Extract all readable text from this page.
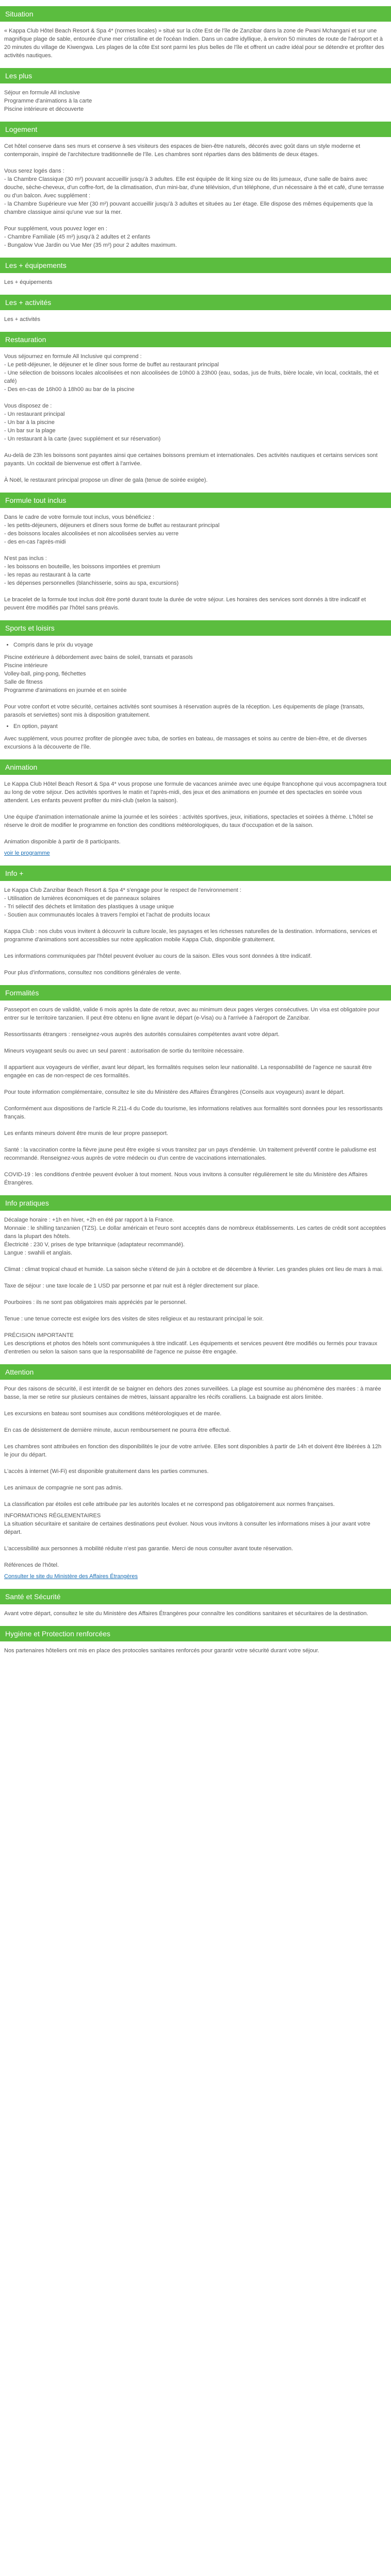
Situation

« Kappa Club Hôtel Beach Resort & Spa 4* (normes locales) » situé sur la côte Est de l'île de Zanzibar dans la zone de Pwani Mchangani et sur une magnifique plage de sable, entourée d'une mer cristalline et de l'océan Indien. Dans un cadre idyllique, à environ 50 minutes de route de l'aéroport et à 20 minutes du village de Kiwengwa. Les plages de la côte Est sont parmi les plus belles de l'île et offrent un cadre idéal pour se détendre et profiter des activités nautiques.

Les plus

Séjour en formule All inclusive
Programme d'animations à la carte
Piscine intérieure et découverte

Logement

Cet hôtel conserve dans ses murs et conserve à ses visiteurs des espaces de bien-être naturels, décorés avec goût dans un style moderne et contemporain, inspiré de l'architecture traditionnelle de l'île. Les chambres sont réparties dans des bâtiments de deux étages.

Vous serez logés dans :
- la Chambre Classique (30 m²) pouvant accueillir jusqu'à 3 adultes. Elle est équipée de lit king size ou de lits jumeaux, d'une salle de bains avec douche, sèche-cheveux, d'un coffre-fort, de la climatisation, d'un mini-bar, d'une télévision, d'un téléphone, d'un nécessaire à thé et café, d'une terrasse ou d'un balcon. Avec supplément :
- la Chambre Supérieure vue Mer (30 m²) pouvant accueillir jusqu'à 3 adultes et situées au 1er étage. Elle dispose des mêmes équipements que la chambre classique ainsi qu'une vue sur la mer.

Pour supplément, vous pouvez loger en :
- Chambre Familiale (45 m²) jusqu'à 2 adultes et 2 enfants
- Bungalow Vue Jardin ou Vue Mer (35 m²) pour 2 adultes maximum.

Les + équipements

Les + équipements

Les + activités

Les + activités

Restauration

Vous séjournez en formule All Inclusive qui comprend :
- Le petit-déjeuner, le déjeuner et le dîner sous forme de buffet au restaurant principal
- Une sélection de boissons locales alcoolisées et non alcoolisées de 10h00 à 23h00 (eau, sodas, jus de fruits, bière locale, vin local, cocktails, thé et café)
- Des en-cas de 16h00 à 18h00 au bar de la piscine

Vous disposez de :
- Un restaurant principal
- Un bar à la piscine
- Un bar sur la plage
- Un restaurant à la carte (avec supplément et sur réservation)

Au-delà de 23h les boissons sont payantes ainsi que certaines boissons premium et internationales. Des activités nautiques et certains services sont payants. Un cocktail de bienvenue est offert à l'arrivée.

À Noël, le restaurant principal propose un dîner de gala (tenue de soirée exigée).

Formule tout inclus

Dans le cadre de votre formule tout inclus, vous bénéficiez :
- les petits-déjeuners, déjeuners et dîners sous forme de buffet au restaurant principal
- des boissons locales alcoolisées et non alcoolisées servies au verre
- des en-cas l'après-midi

N'est pas inclus :
- les boissons en bouteille, les boissons importées et premium
- les repas au restaurant à la carte
- les dépenses personnelles (blanchisserie, soins au spa, excursions)

Le bracelet de la formule tout inclus doit être porté durant toute la durée de votre séjour. Les horaires des services sont donnés à titre indicatif et peuvent être modifiés par l'hôtel sans préavis.

Sports et loisirs
• Compris dans le prix du voyage

Piscine extérieure à débordement avec bains de soleil, transats et parasols
Piscine intérieure
Volley-ball, ping-pong, fléchettes
Salle de fitness
Programme d'animations en journée et en soirée

Pour votre confort et votre sécurité, certaines activités sont soumises à réservation auprès de la réception. Les équipements de plage (transats, parasols et serviettes) sont mis à disposition gratuitement.

• En option, payant

Avec supplément, vous pourrez profiter de plongée avec tuba, de sorties en bateau, de massages et soins au centre de bien-être, et de diverses excursions à la découverte de l'île.

Animation

Le Kappa Club Hôtel Beach Resort & Spa 4* vous propose une formule de vacances animée avec une équipe francophone qui vous accompagnera tout au long de votre séjour. Des activités sportives le matin et l'après-midi, des jeux et des animations en journée et des spectacles en soirée vous attendent. Les enfants peuvent profiter du mini-club (selon la saison).

Une équipe d'animation internationale anime la journée et les soirées : activités sportives, jeux, initiations, spectacles et soirées à thème. L'hôtel se réserve le droit de modifier le programme en fonction des conditions météorologiques, du taux d'occupation et de la saison.

Animation disponible à partir de 8 participants.

voir le programme

Info +

Le Kappa Club Zanzibar Beach Resort & Spa 4* s'engage pour le respect de l'environnement :
- Utilisation de lumières économiques et de panneaux solaires
- Tri sélectif des déchets et limitation des plastiques à usage unique
- Soutien aux communautés locales à travers l'emploi et l'achat de produits locaux

Kappa Club : nos clubs vous invitent à découvrir la culture locale, les paysages et les richesses naturelles de la destination. Informations, services et programme d'animations sont accessibles sur notre application mobile Kappa Club, disponible gratuitement.

Les informations communiquées par l'hôtel peuvent évoluer au cours de la saison. Elles vous sont données à titre indicatif.

Pour plus d'informations, consultez nos conditions générales de vente.

Formalités

Passeport en cours de validité, valide 6 mois après la date de retour, avec au minimum deux pages vierges consécutives. Un visa est obligatoire pour entrer sur le territoire tanzanien. Il peut être obtenu en ligne avant le départ (e-Visa) ou à l'arrivée à l'aéroport de Zanzibar.

Ressortissants étrangers : renseignez-vous auprès des autorités consulaires compétentes avant votre départ.

Mineurs voyageant seuls ou avec un seul parent : autorisation de sortie du territoire nécessaire.

Il appartient aux voyageurs de vérifier, avant leur départ, les formalités requises selon leur nationalité. La responsabilité de l'agence ne saurait être engagée en cas de non-respect de ces formalités.

Pour toute information complémentaire, consultez le site du Ministère des Affaires Étrangères (Conseils aux voyageurs) avant le départ.

Conformément aux dispositions de l'article R.211-4 du Code du tourisme, les informations relatives aux formalités sont données pour les ressortissants français.

Les enfants mineurs doivent être munis de leur propre passeport.

Santé : la vaccination contre la fièvre jaune peut être exigée si vous transitez par un pays d'endémie. Un traitement préventif contre le paludisme est recommandé. Renseignez-vous auprès de votre médecin ou d'un centre de vaccinations internationales.

COVID-19 : les conditions d'entrée peuvent évoluer à tout moment. Nous vous invitons à consulter régulièrement le site du Ministère des Affaires Étrangères.

Info pratiques

Décalage horaire : +1h en hiver, +2h en été par rapport à la France.
Monnaie : le shilling tanzanien (TZS). Le dollar américain et l'euro sont acceptés dans de nombreux établissements. Les cartes de crédit sont acceptées dans la plupart des hôtels.
Électricité : 230 V, prises de type britannique (adaptateur recommandé).
Langue : swahili et anglais.

Climat : climat tropical chaud et humide. La saison sèche s'étend de juin à octobre et de décembre à février. Les grandes pluies ont lieu de mars à mai.

Taxe de séjour : une taxe locale de 1 USD par personne et par nuit est à régler directement sur place.

Pourboires : ils ne sont pas obligatoires mais appréciés par le personnel.

Tenue : une tenue correcte est exigée lors des visites de sites religieux et au restaurant principal le soir.

PRÉCISION IMPORTANTE
Les descriptions et photos des hôtels sont communiquées à titre indicatif. Les équipements et services peuvent être modifiés ou fermés pour travaux d'entretien ou selon la saison sans que la responsabilité de l'agence ne puisse être engagée.

Attention

Pour des raisons de sécurité, il est interdit de se baigner en dehors des zones surveillées. La plage est soumise au phénomène des marées : à marée basse, la mer se retire sur plusieurs centaines de mètres, laissant apparaître les récifs coralliens. La baignade est alors limitée.

Les excursions en bateau sont soumises aux conditions météorologiques et de marée.

En cas de désistement de dernière minute, aucun remboursement ne pourra être effectué.

Les chambres sont attribuées en fonction des disponibilités le jour de votre arrivée. Elles sont disponibles à partir de 14h et doivent être libérées à 12h le jour du départ.

L'accès à internet (Wi-Fi) est disponible gratuitement dans les parties communes.

Les animaux de compagnie ne sont pas admis.

La classification par étoiles est celle attribuée par les autorités locales et ne correspond pas obligatoirement aux normes françaises.

INFORMATIONS RÉGLEMENTAIRES
La situation sécuritaire et sanitaire de certaines destinations peut évoluer. Nous vous invitons à consulter les informations mises à jour avant votre départ.

L'accessibilité aux personnes à mobilité réduite n'est pas garantie. Merci de nous consulter avant toute réservation.

Références de l'hôtel.

Consulter le site du Ministère des Affaires Étrangères

Santé et Sécurité

Avant votre départ, consultez le site du Ministère des Affaires Étrangères pour connaître les conditions sanitaires et sécuritaires de la destination.

Hygiène et Protection renforcées

Nos partenaires hôteliers ont mis en place des protocoles sanitaires renforcés pour garantir votre sécurité durant votre séjour.
